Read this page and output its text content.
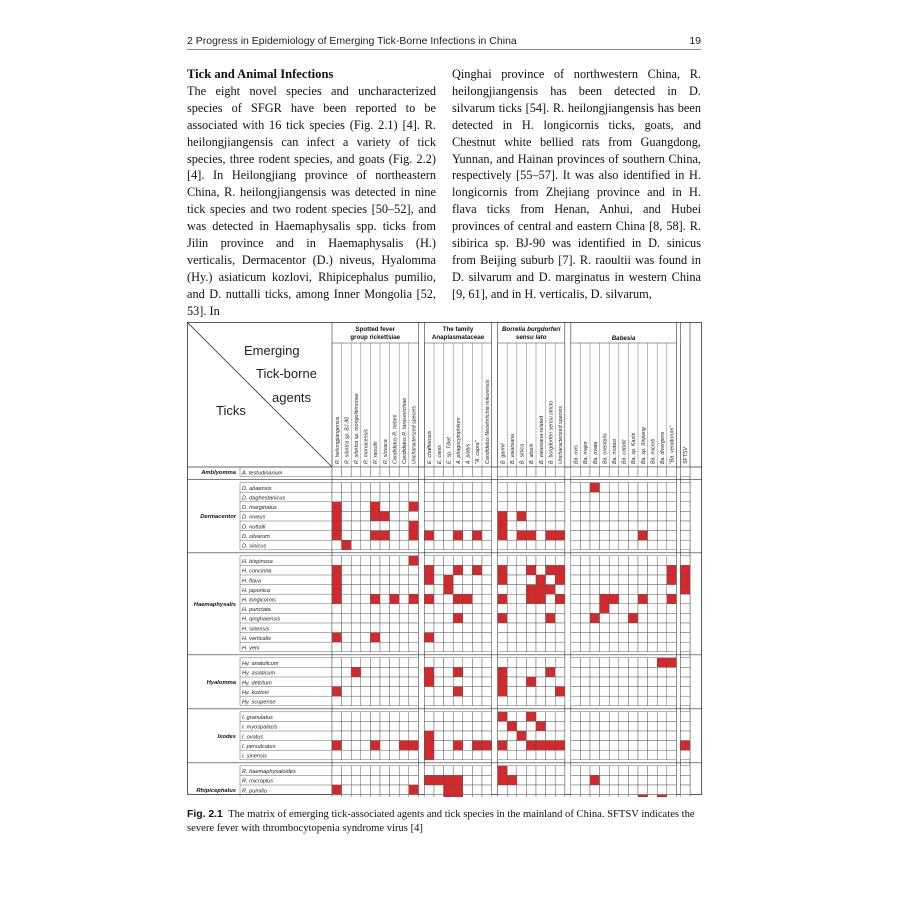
2 Progress in Epidemiology of Emerging Tick-Borne Infections in China	19
Tick and Animal Infections

The eight novel species and uncharacterized species of SFGR have been reported to be associated with 16 tick species (Fig. 2.1) [4]. R. heilongjiangensis can infect a variety of tick species, three rodent species, and goats (Fig. 2.2) [4]. In Heilongjiang province of northeastern China, R. heilongjiangensis was detected in nine tick species and two rodent species [50–52], and was detected in Haemaphysalis spp. ticks from Jilin province and in Haemaphysalis (H.) verticalis, Dermacentor (D.) niveus, Hyalomma (Hy.) asiaticum kozlovi, Rhipicephalus pumilio, and D. nuttalli ticks, among Inner Mongolia [52, 53]. In

Qinghai province of northwestern China, R. heilongjiangensis has been detected in D. silvarum ticks [54]. R. heilongjiangensis has been detected in H. longicornis ticks, goats, and Chestnut white bellied rats from Guangdong, Yunnan, and Hainan provinces of southern China, respectively [55–57]. It was also identified in H. longicornis from Zhejiang province and in H. flava ticks from Henan, Anhui, and Hubei provinces of central and eastern China [8, 58]. R. sibirica sp. BJ-90 was identified in D. sinicus from Beijing suburb [7]. R. raoultii was found in D. silvarum and D. marginatus in western China [9, 61], and in H. verticalis, D. silvarum,

Emerging
Tick-borne
agents
Ticks
Spotted fever
group rickettsiae
The family
Anaplasmataceae
Borrelia burgdorferi
sensu lato	Babesia
R. heilongjiangensis R. sibirica sp. BJ-90 R. sibirica sp. mongolitimonae R. monacensis R. raoultii R. slovaca Candidatus R. hebeii Candidatus R. tarasevichiae Uncharacterized species E. chaffeensis E. canis E. sp. Tibet A. phagocytophilum A. platys "A. capra" Candidatus Neoehrlichia mikurensis B. garinii B. valaisiana B. sinica B. afzelii B. valaisiana-related B. burgdorferi sensu stricto Uncharacterized species Ba. ovis Ba. major Ba. ovata Ba. orientalis Ba. motasi Ba. caballi Ba. sp. Kashi Ba. sp. Xinjiang Ba. microti Ba. divergens "Ba. venatorum" SFTSV
A. testudinarium
Amblyomma
D. abaensis
D. daghestanicus
D. marginatus
D. niveus
D. nuttalli
D. silvarum
D. sinicus
Dermacentor
H. bispinosa
H. concinna
H. flava
H. japonica
H. longicornis
H. punctata
H. qinghaiensis
H. sinensis
H. verticalis
H. yeni
Haemaphysalis
Hy. anatolicum
Hy. asiaticum
Hy. detritum
Hy. kozlovi
Hy. scupense
Hyalomma
I. granulatus
I. myospalacis
I. ovatus
I. persulcatus
I. sinensis
Ixodes
R. haemaphysaloides
R. microplus
R. pumilio
Rhipicephalus
Fig. 2.1 The matrix of emerging tick-associated agents and tick species in the mainland of China. SFTSV indicates the severe fever with thrombocytopenia syndrome virus [4]
